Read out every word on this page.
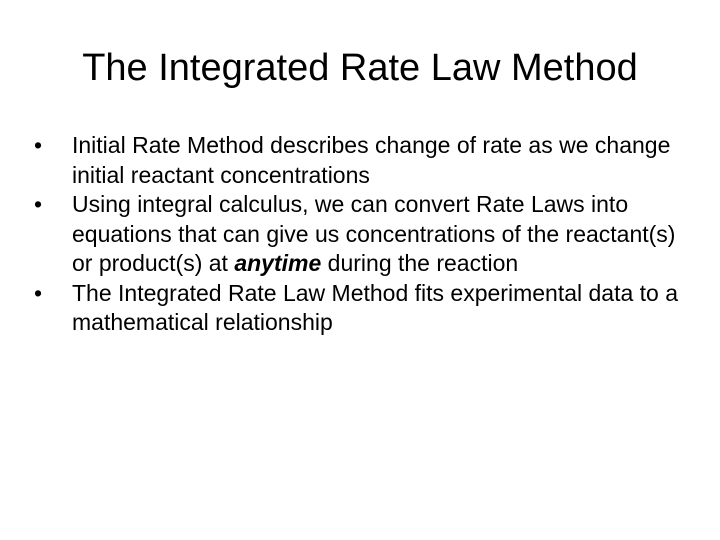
The Integrated Rate Law Method
•	Initial Rate Method describes change of rate as we change initial reactant concentrations
•	Using integral calculus, we can convert Rate Laws into equations that can give us concentrations of the reactant(s) or product(s) at anytime during the reaction
•	The Integrated Rate Law Method fits experimental data to a mathematical relationship
